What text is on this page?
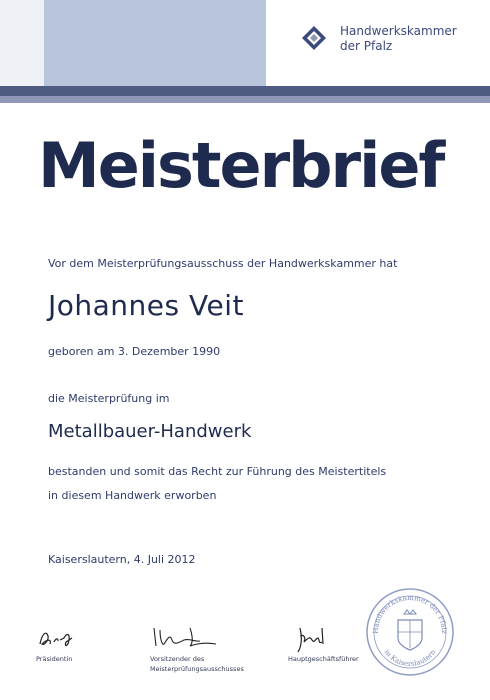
Handwerkskammer
der Pfalz
Meisterbrief
Vor dem Meisterprüfungsausschuss der Handwerkskammer hat
Johannes Veit
geboren am 3. Dezember 1990
die Meisterprüfung im
Metallbauer-Handwerk
bestanden und somit das Recht zur Führung des Meistertitels
in diesem Handwerk erworben
Kaiserslautern, 4. Juli 2012
Präsidentin	Vorsitzender des
Meisterprüfungsausschusses
Hauptgeschäftsführer
Handwerkskammer der Pfalz
in Kaiserslautern
